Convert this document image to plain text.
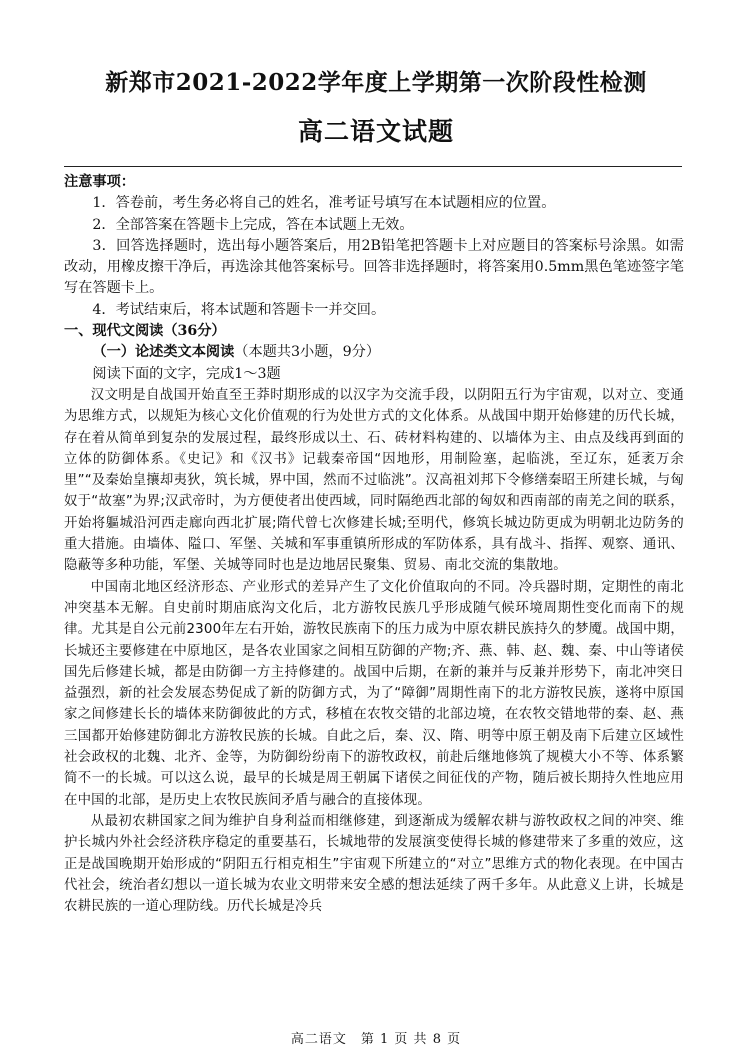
新郑市2021-2022学年度上学期第一次阶段性检测
高二语文试题

注意事项：

1．答卷前，考生务必将自己的姓名，准考证号填写在本试题相应的位置。

2．全部答案在答题卡上完成，答在本试题上无效。

3．回答选择题时，选出每小题答案后，用2B铅笔把答题卡上对应题目的答案标号涂黑。如需改动，用橡皮擦干净后，再选涂其他答案标号。回答非选择题时，将答案用0.5mm黑色笔迹签字笔写在答题卡上。

4．考试结束后，将本试题和答题卡一并交回。

一、现代文阅读（36分）

（一）论述类文本阅读（本题共3小题，9分）

阅读下面的文字，完成1～3题

汉文明是自战国开始直至王莽时期形成的以汉字为交流手段，以阴阳五行为宇宙观，以对立、变通为思维方式，以规矩为核心文化价值观的行为处世方式的文化体系。从战国中期开始修建的历代长城，存在着从简单到复杂的发展过程，最终形成以土、石、砖材料构建的、以墙体为主、由点及线再到面的立体的防御体系。《史记》和《汉书》记载秦帝国“因地形，用制险塞，起临洮，至辽东，延袤万余里”“及秦始皇攘却夷狄，筑长城，界中国，然而不过临洮”。汉高祖刘邦下令修缮秦昭王所建长城，与匈奴于“故塞”为界;汉武帝时，为方便使者出使西域，同时隔绝西北部的匈奴和西南部的南羌之间的联系，开始将軀城沿河西走廊向西北扩展;隋代曾七次修建长城;至明代，修筑长城边防更成为明朝北边防务的重大措施。由墙体、隘口、军堡、关城和军事重镇所形成的军防体系，具有战斗、指挥、观察、通讯、隐蔽等多种功能，军堡、关城等同时也是边地居民聚集、贸易、南北交流的集散地。

中国南北地区经济形态、产业形式的差异产生了文化价值取向的不同。冷兵器时期，定期性的南北冲突基本无解。自史前时期庙底沟文化后，北方游牧民族几乎形成随气候环境周期性变化而南下的规律。尤其是自公元前2300年左右开始，游牧民族南下的压力成为中原农耕民族持久的梦魇。战国中期，长城还主要修建在中原地区，是各农业国家之间相互防御的产物;齐、燕、韩、赵、魏、秦、中山等诸侯国先后修建长城，都是由防御一方主持修建的。战国中后期，在新的兼并与反兼并形势下，南北冲突日益强烈，新的社会发展态势促成了新的防御方式，为了“障御”周期性南下的北方游牧民族，遂将中原国家之间修建长长的墙体来防御彼此的方式，移植在农牧交错的北部边境，在农牧交错地带的秦、赵、燕三国都开始修建防御北方游牧民族的长城。自此之后，秦、汉、隋、明等中原王朝及南下后建立区域性社会政权的北魏、北齐、金等，为防御纷纷南下的游牧政权，前赴后继地修筑了规模大小不等、体系繁简不一的长城。可以这么说，最早的长城是周王朝属下诸侯之间征伐的产物，随后被长期持久性地应用在中国的北部，是历史上农牧民族间矛盾与融合的直接体现。

从最初农耕国家之间为维护自身利益而相继修建，到逐渐成为缓解农耕与游牧政权之间的冲突、维护长城内外社会经济秩序稳定的重要基石，长城地带的发展演变使得长城的修建带来了多重的效应，这正是战国晚期开始形成的“阴阳五行相克相生”宇宙观下所建立的“对立”思维方式的物化表现。在中国古代社会，统治者幻想以一道长城为农业文明带来安全感的想法延续了两千多年。从此意义上讲，长城是农耕民族的一道心理防线。历代长城是冷兵

高二语文　第 1 页 共 8 页
